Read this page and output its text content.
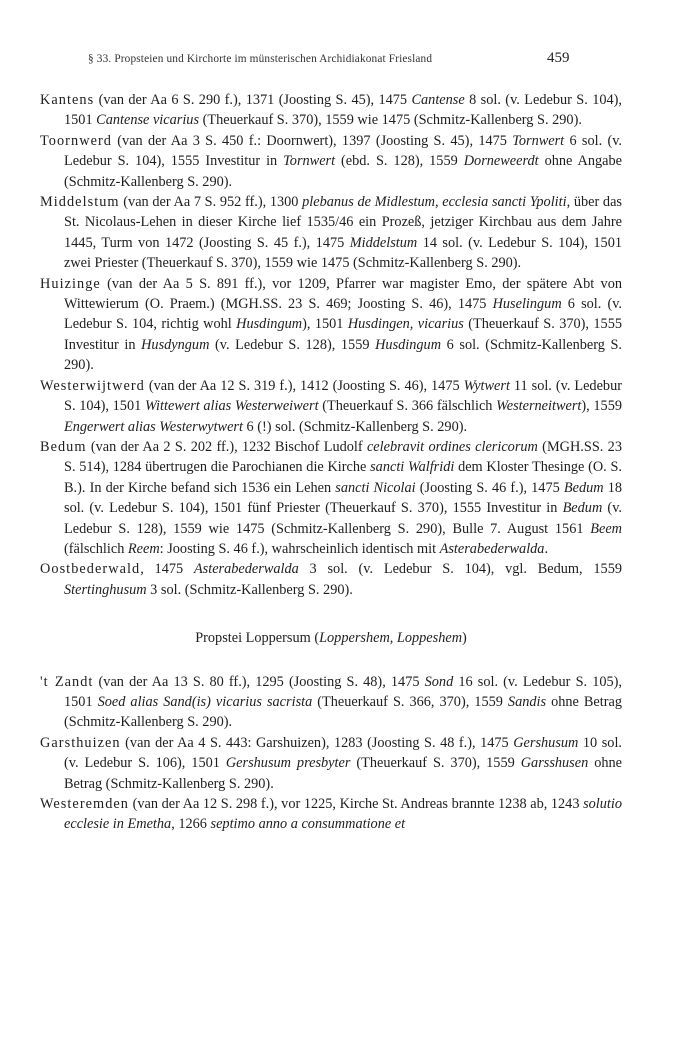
§ 33. Propsteien und Kirchorte im münsterischen Archidiakonat Friesland	459
Kantens (van der Aa 6 S. 290 f.), 1371 (Joosting S. 45), 1475 Cantense 8 sol. (v. Ledebur S. 104), 1501 Cantense vicarius (Theuerkauf S. 370), 1559 wie 1475 (Schmitz-Kallenberg S. 290).
Toornwerd (van der Aa 3 S. 450 f.: Doornwert), 1397 (Joosting S. 45), 1475 Tornwert 6 sol. (v. Ledebur S. 104), 1555 Investitur in Tornwert (ebd. S. 128), 1559 Dorneweerdt ohne Angabe (Schmitz-Kallenberg S. 290).
Middelstum (van der Aa 7 S. 952 ff.), 1300 plebanus de Midlestum, ecclesia sancti Ypoliti, über das St. Nicolaus-Lehen in dieser Kirche lief 1535/46 ein Prozeß, jetziger Kirchbau aus dem Jahre 1445, Turm von 1472 (Joosting S. 45 f.), 1475 Middelstum 14 sol. (v. Ledebur S. 104), 1501 zwei Priester (Theuerkauf S. 370), 1559 wie 1475 (Schmitz-Kallenberg S. 290).
Huizinge (van der Aa 5 S. 891 ff.), vor 1209, Pfarrer war magister Emo, der spätere Abt von Wittewierum (O. Praem.) (MGH.SS. 23 S. 469; Joosting S. 46), 1475 Huselingum 6 sol. (v. Ledebur S. 104, richtig wohl Husdingum), 1501 Husdingen, vicarius (Theuerkauf S. 370), 1555 Investitur in Husdyngum (v. Ledebur S. 128), 1559 Husdingum 6 sol. (Schmitz-Kallenberg S. 290).
Westerwijtwerd (van der Aa 12 S. 319 f.), 1412 (Joosting S. 46), 1475 Wytwert 11 sol. (v. Ledebur S. 104), 1501 Wittewert alias Westerweiwert (Theuerkauf S. 366 fälschlich Westerneitwert), 1559 Engerwert alias Westerwytwert 6 (!) sol. (Schmitz-Kallenberg S. 290).
Bedum (van der Aa 2 S. 202 ff.), 1232 Bischof Ludolf celebravit ordines clericorum (MGH.SS. 23 S. 514), 1284 übertrugen die Parochianen die Kirche sancti Walfridi dem Kloster Thesinge (O. S. B.). In der Kirche befand sich 1536 ein Lehen sancti Nicolai (Joosting S. 46 f.), 1475 Bedum 18 sol. (v. Ledebur S. 104), 1501 fünf Priester (Theuerkauf S. 370), 1555 Investitur in Bedum (v. Ledebur S. 128), 1559 wie 1475 (Schmitz-Kallenberg S. 290), Bulle 7. August 1561 Beem (fälschlich Reem: Joosting S. 46 f.), wahrscheinlich identisch mit Asterabederwalda.
Oostbederwald, 1475 Asterabederwalda 3 sol. (v. Ledebur S. 104), vgl. Bedum, 1559 Stertinghusum 3 sol. (Schmitz-Kallenberg S. 290).
Propstei Loppersum (Loppershem, Loppeshem)
't Zandt (van der Aa 13 S. 80 ff.), 1295 (Joosting S. 48), 1475 Sond 16 sol. (v. Ledebur S. 105), 1501 Soed alias Sand(is) vicarius sacrista (Theuerkauf S. 366, 370), 1559 Sandis ohne Betrag (Schmitz-Kallenberg S. 290).
Garsthuizen (van der Aa 4 S. 443: Garshuizen), 1283 (Joosting S. 48 f.), 1475 Gershusum 10 sol. (v. Ledebur S. 106), 1501 Gershusum presbyter (Theuerkauf S. 370), 1559 Garsshusen ohne Betrag (Schmitz-Kallenberg S. 290).
Westeremden (van der Aa 12 S. 298 f.), vor 1225, Kirche St. Andreas brannte 1238 ab, 1243 solutio ecclesie in Emetha, 1266 septimo anno a consummatione et
